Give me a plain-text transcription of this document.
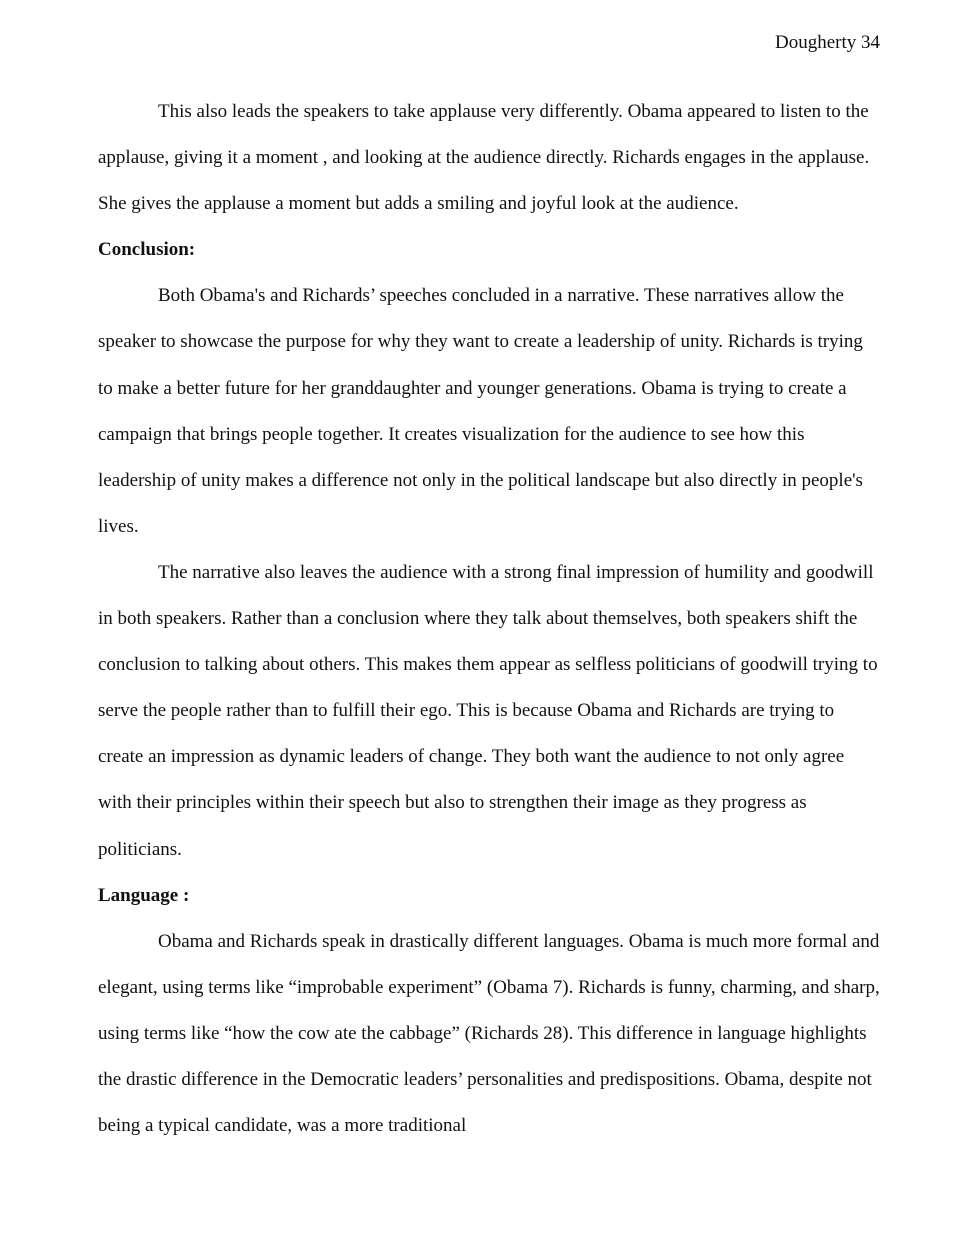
Dougherty 34

This also leads the speakers to take applause very differently. Obama appeared to listen to the applause, giving it a moment , and looking at the audience directly. Richards engages in the applause. She gives the applause a moment but adds a smiling and joyful look at the audience.

Conclusion:

Both Obama's and Richards’ speeches concluded in a narrative. These narratives allow the speaker to showcase the purpose for why they want to create a leadership of unity. Richards is trying to make a better future for her granddaughter and younger generations. Obama is trying to create a campaign that brings people together. It creates visualization for the audience to see how this leadership of unity makes a difference not only in the political landscape but also directly in people's lives.

The narrative also leaves the audience with a strong final impression of humility and goodwill in both speakers. Rather than a conclusion where they talk about themselves, both speakers shift the conclusion to talking about others. This makes them appear as selfless politicians of goodwill trying to serve the people rather than to fulfill their ego. This is because Obama and Richards are trying to create an impression as dynamic leaders of change. They both want the audience to not only agree with their principles within their speech but also to strengthen their image as they progress as politicians.

Language :

Obama and Richards speak in drastically different languages. Obama is much more formal and elegant, using terms like “improbable experiment” (Obama 7). Richards is funny, charming, and sharp, using terms like “how the cow ate the cabbage” (Richards 28). This difference in language highlights the drastic difference in the Democratic leaders’ personalities and predispositions. Obama, despite not being a typical candidate, was a more traditional
